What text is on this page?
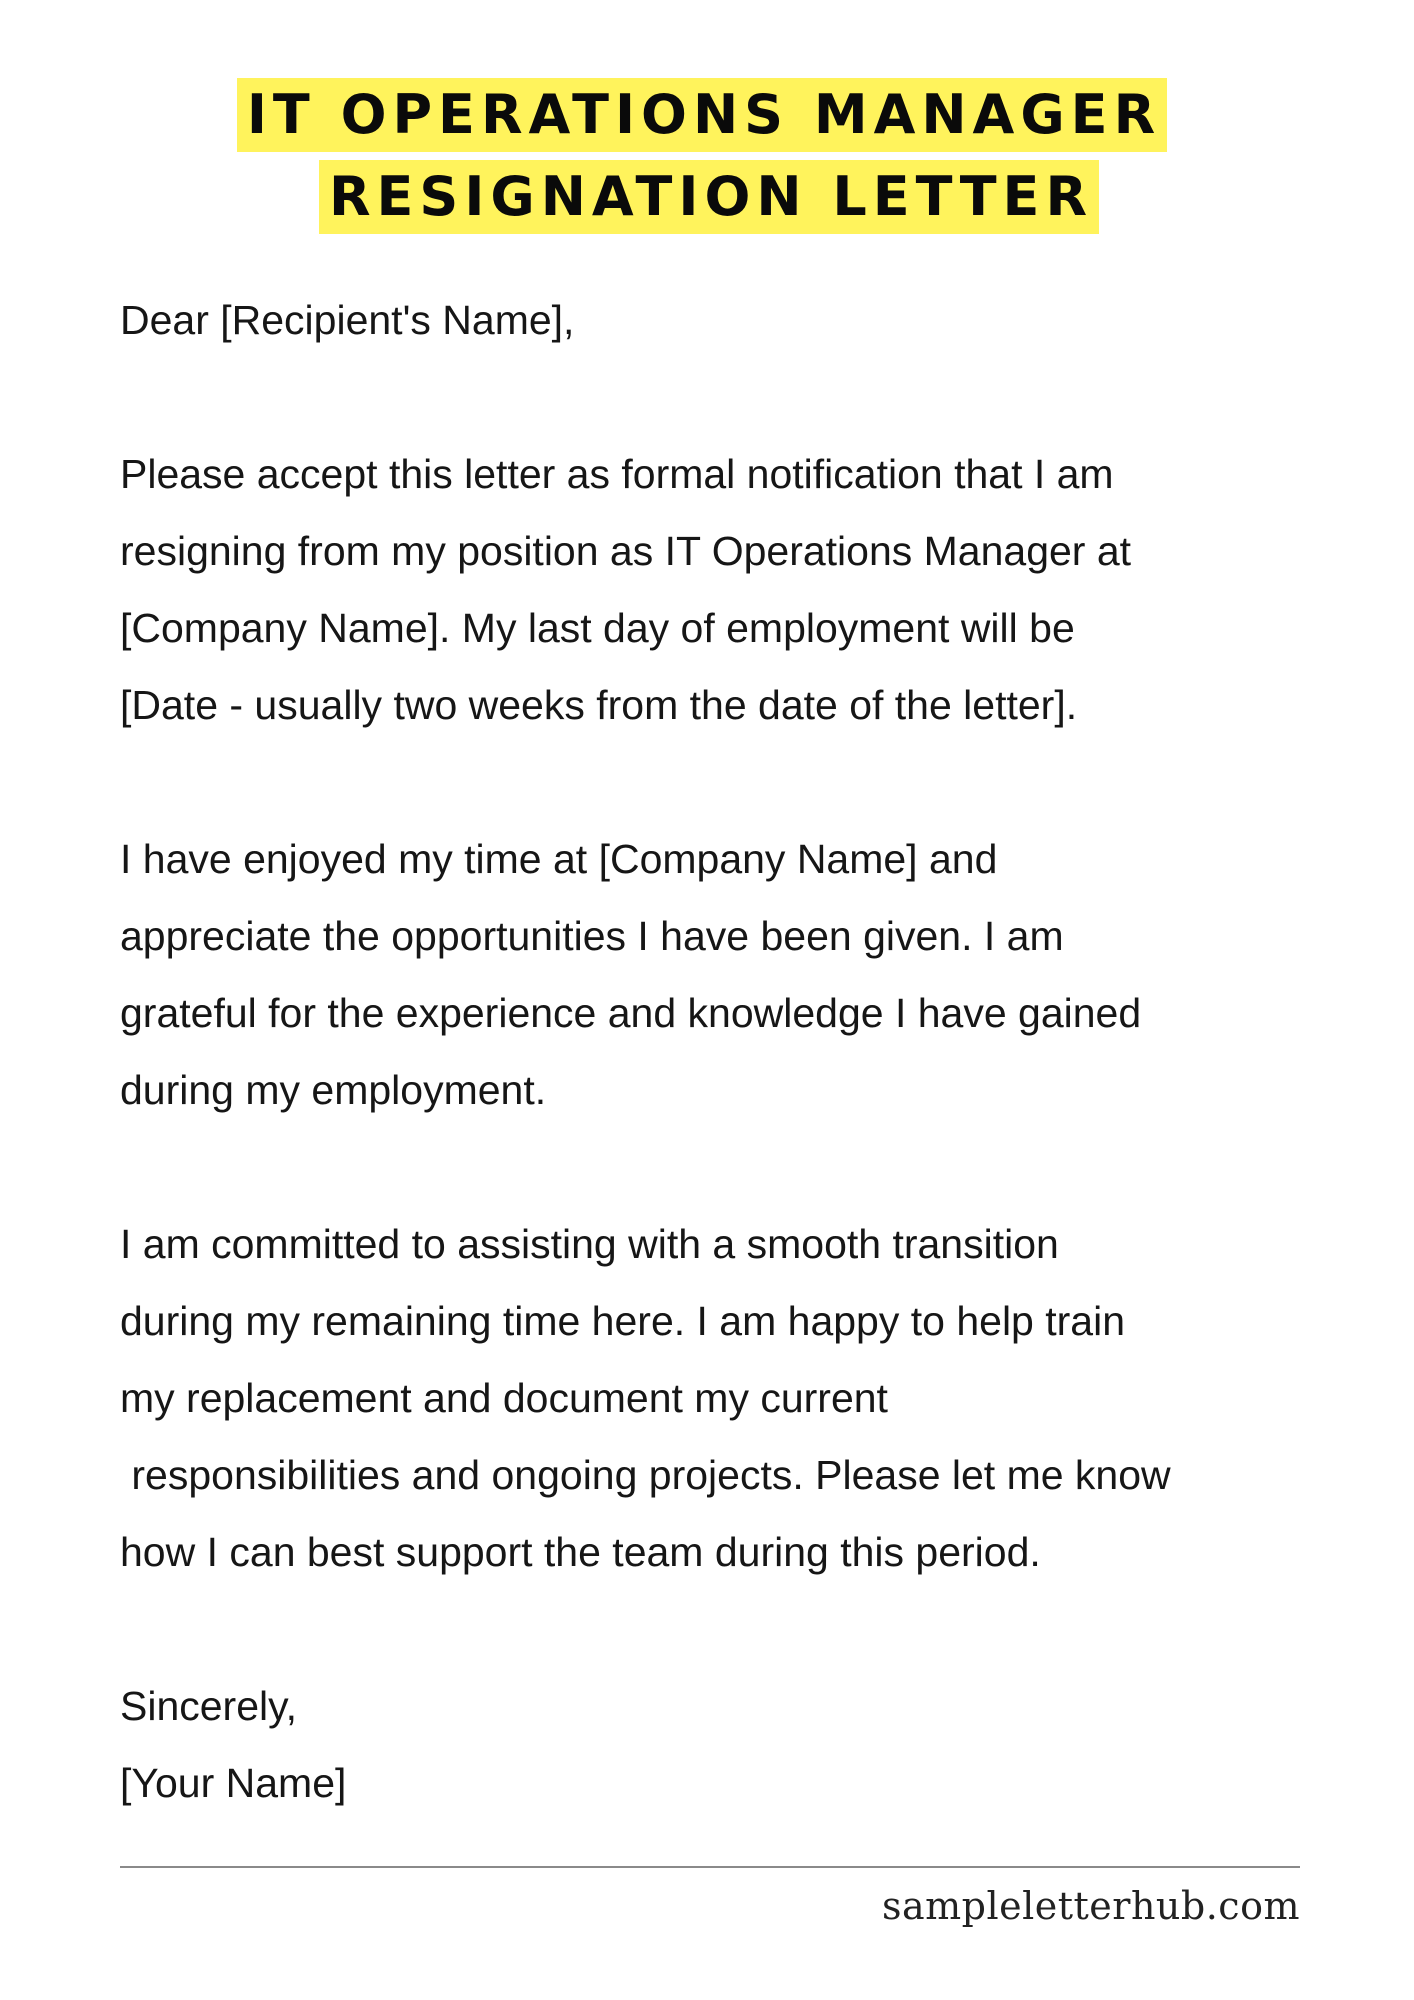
IT OPERATIONS MANAGER
RESIGNATION LETTER

Dear [Recipient's Name],

Please accept this letter as formal notification that I am

resigning from my position as IT Operations Manager at

[Company Name]. My last day of employment will be

[Date - usually two weeks from the date of the letter].

I have enjoyed my time at [Company Name] and

appreciate the opportunities I have been given. I am

grateful for the experience and knowledge I have gained

during my employment.

I am committed to assisting with a smooth transition

during my remaining time here. I am happy to help train

my replacement and document my current

responsibilities and ongoing projects. Please let me know

how I can best support the team during this period.

Sincerely,

[Your Name]

sampleletterhub.com
